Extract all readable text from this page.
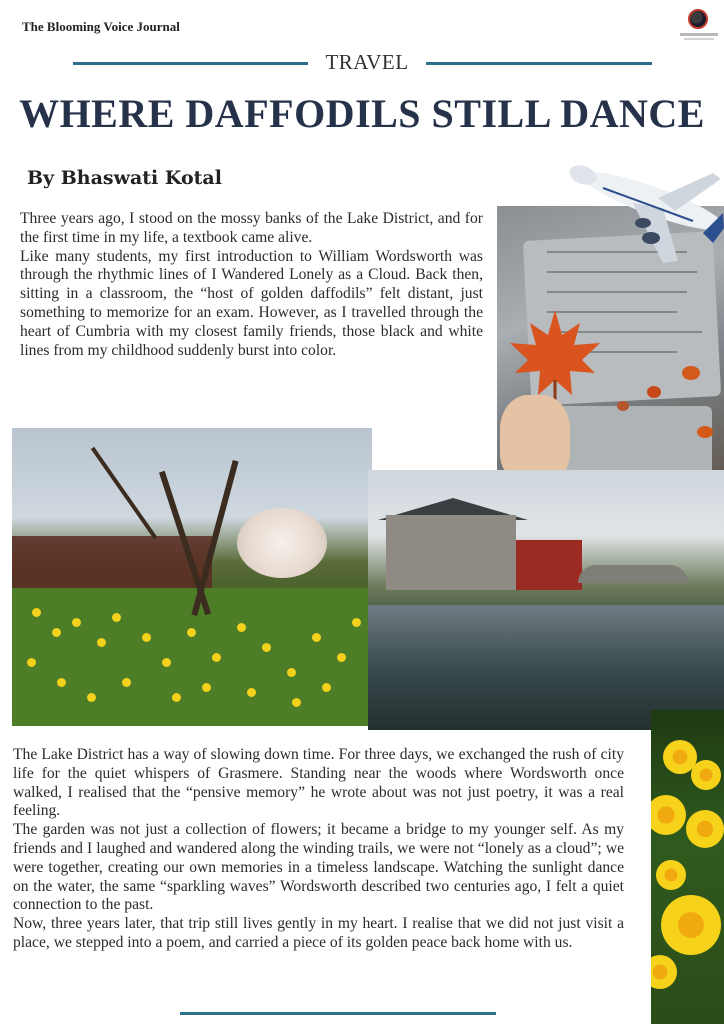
The Blooming Voice Journal
TRAVEL
WHERE DAFFODILS STILL DANCE
By Bhaswati Kotal

Three years ago, I stood on the mossy banks of the Lake District, and for the first time in my life, a textbook came alive.

Like many students, my first introduction to William Wordsworth was through the rhythmic lines of I Wandered Lonely as a Cloud. Back then, sitting in a classroom, the “host of golden daffodils” felt distant, just something to memorize for an exam. However, as I travelled through the heart of Cumbria with my closest family friends, those black and white lines from my childhood suddenly burst into color.

The Lake District has a way of slowing down time. For three days, we exchanged the rush of city life for the quiet whispers of Grasmere. Standing near the woods where Wordsworth once walked, I realised that the “pensive memory” he wrote about was not just poetry, it was a real feeling.

The garden was not just a collection of flowers; it became a bridge to my younger self. As my friends and I laughed and wandered along the winding trails, we were not “lonely as a cloud”; we were together, creating our own memories in a timeless landscape. Watching the sunlight dance on the water, the same “sparkling waves” Wordsworth described two centuries ago, I felt a quiet connection to the past.

Now, three years later, that trip still lives gently in my heart. I realise that we did not just visit a place, we stepped into a poem, and carried a piece of its golden peace back home with us.
